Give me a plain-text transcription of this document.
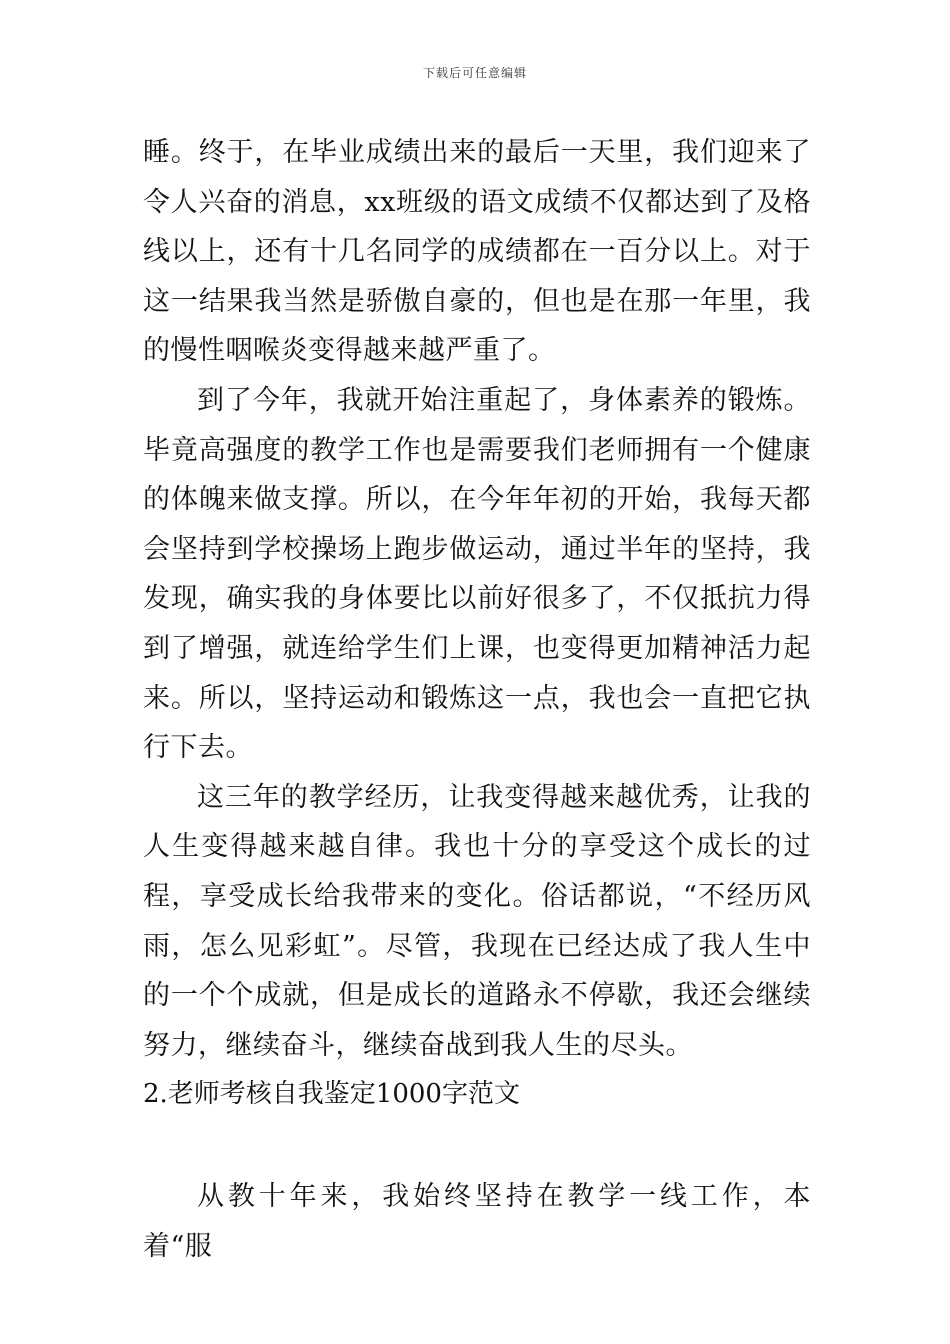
下载后可任意编辑

睡。终于，在毕业成绩出来的最后一天里，我们迎来了令人兴奋的消息，xx班级的语文成绩不仅都达到了及格线以上，还有十几名同学的成绩都在一百分以上。对于这一结果我当然是骄傲自豪的，但也是在那一年里，我的慢性咽喉炎变得越来越严重了。

到了今年，我就开始注重起了，身体素养的锻炼。毕竟高强度的教学工作也是需要我们老师拥有一个健康的体魄来做支撑。所以，在今年年初的开始，我每天都会坚持到学校操场上跑步做运动，通过半年的坚持，我发现，确实我的身体要比以前好很多了，不仅抵抗力得到了增强，就连给学生们上课，也变得更加精神活力起来。所以，坚持运动和锻炼这一点，我也会一直把它执行下去。

这三年的教学经历，让我变得越来越优秀，让我的人生变得越来越自律。我也十分的享受这个成长的过程，享受成长给我带来的变化。俗话都说，“不经历风雨，怎么见彩虹”。尽管，我现在已经达成了我人生中的一个个成就，但是成长的道路永不停歇，我还会继续努力，继续奋斗，继续奋战到我人生的尽头。

2.老师考核自我鉴定1000字范文

从教十年来，我始终坚持在教学一线工作，本着“服
